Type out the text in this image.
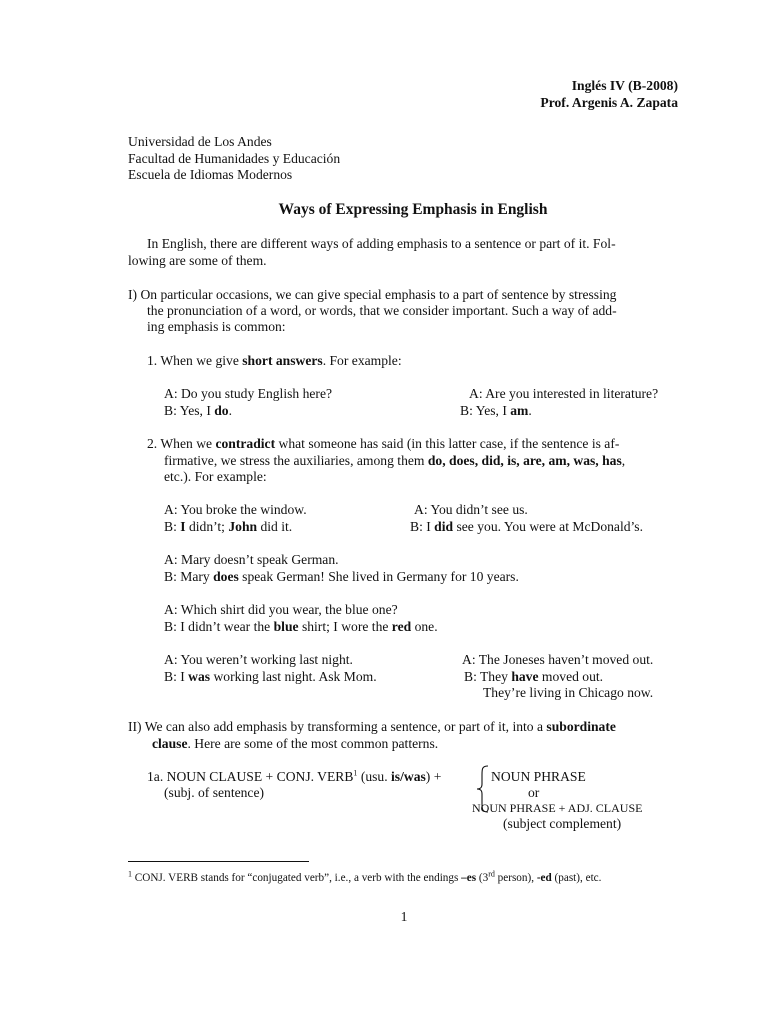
Inglés IV (B-2008)
Prof. Argenis A. Zapata
Universidad de Los Andes
Facultad de Humanidades y Educación
Escuela de Idiomas Modernos
Ways of Expressing Emphasis in English
In English, there are different ways of adding emphasis to a sentence or part of it. Fol-
lowing are some of them.
I) On particular occasions, we can give special emphasis to a part of sentence by stressing
the pronunciation of a word, or words, that we consider important. Such a way of add-
ing emphasis is common:
1. When we give short answers. For example:
A: Do you study English here?	A: Are you interested in literature?
B: Yes, I do.	B: Yes, I am.
2. When we contradict what someone has said (in this latter case, if the sentence is af-
firmative, we stress the auxiliaries, among them do, does, did, is, are, am, was, has,
etc.). For example:
A: You broke the window.	A: You didn’t see us.
B: I didn’t; John did it.	B: I did see you. You were at McDonald’s.
A: Mary doesn’t speak German.
B: Mary does speak German! She lived in Germany for 10 years.
A: Which shirt did you wear, the blue one?
B: I didn’t wear the blue shirt; I wore the red one.
A: You weren’t working last night.	A: The Joneses haven’t moved out.
B: I was working last night. Ask Mom.	B: They have moved out.
They’re living in Chicago now.
II) We can also add emphasis by transforming a sentence, or part of it, into a subordinate
clause. Here are some of the most common patterns.
1a. NOUN CLAUSE + CONJ. VERB$^1$ (usu. is/was) +
(subj. of sentence)
NOUN PHRASE
or
NOUN PHRASE + ADJ. CLAUSE
(subject complement)
$^1$ CONJ. VERB stands for “conjugated verb”, i.e., a verb with the endings –es (3rd person), -ed (past), etc.
1
